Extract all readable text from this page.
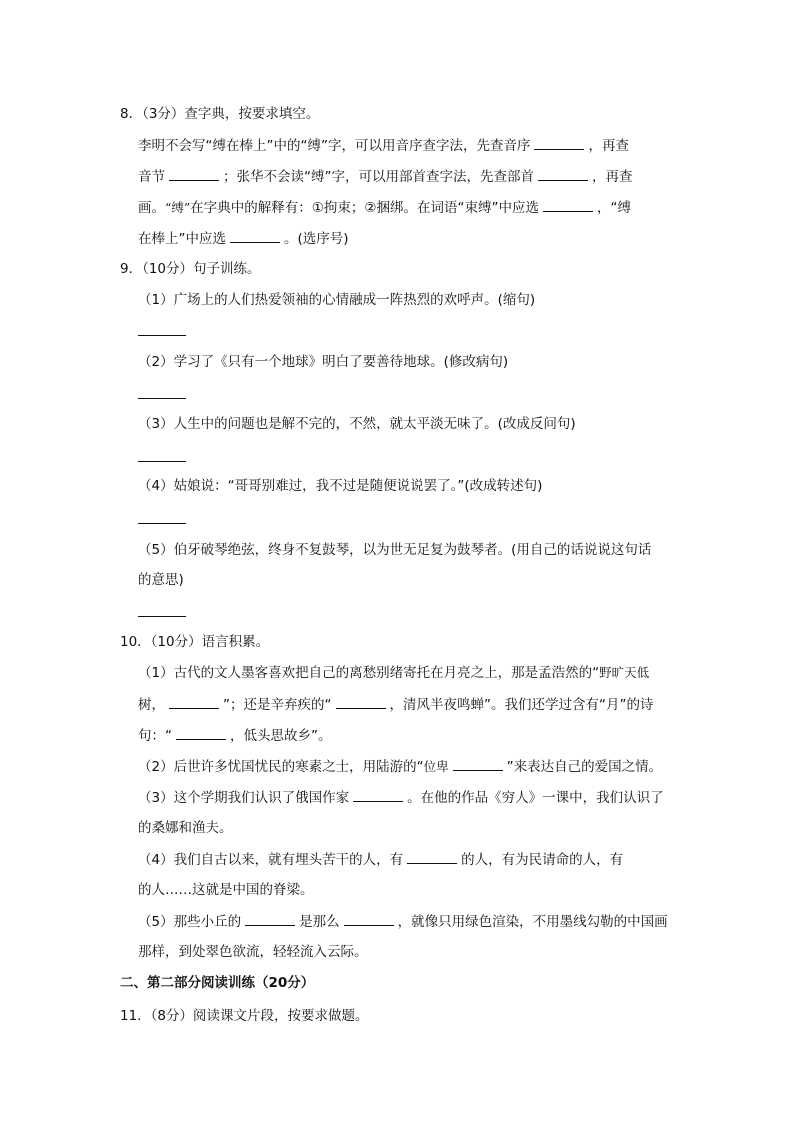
8．（3分）查字典，按要求填空。
李明不会写“缚在棒上”中的“缚”字，可以用音序查字法，先查音序	，再查
音节	；张华不会读“缚”字，可以用部首查字法，先查部首	，再查
画。“缚”在字典中的解释有：①拘束；②捆绑。在词语“束缚”中应选	，“缚
在棒上”中应选	。(选序号)
9．（10分）句子训练。
（1）广场上的人们热爱领袖的心情融成一阵热烈的欢呼声。(缩句)
（2）学习了《只有一个地球》明白了要善待地球。(修改病句)
（3）人生中的问题也是解不完的，不然，就太平淡无味了。(改成反问句)
（4）姑娘说：“哥哥别难过，我不过是随便说说罢了。”(改成转述句)
（5）伯牙破琴绝弦，终身不复鼓琴，以为世无足复为鼓琴者。(用自己的话说说这句话
的意思)
10．（10分）语言积累。
（1）古代的文人墨客喜欢把自己的离愁别绪寄托在月亮之上，那是孟浩然的“野旷天低
树，	”；还是辛弃疾的“	，清风半夜鸣蝉”。我们还学过含有“月”的诗
句：“	，低头思故乡”。
（2）后世许多忧国忧民的寒素之士，用陆游的“位卑	”来表达自己的爱国之情。
（3）这个学期我们认识了俄国作家	。在他的作品《穷人》一课中，我们认识了
的桑娜和渔夫。
（4）我们自古以来，就有埋头苦干的人，有	的人，有为民请命的人，有
的人……这就是中国的脊梁。
（5）那些小丘的	是那么	，就像只用绿色渲染，不用墨线勾勒的中国画
那样，到处翠色欲流，轻轻流入云际。
二、第二部分阅读训练（20分）
11．（8分）阅读课文片段，按要求做题。
